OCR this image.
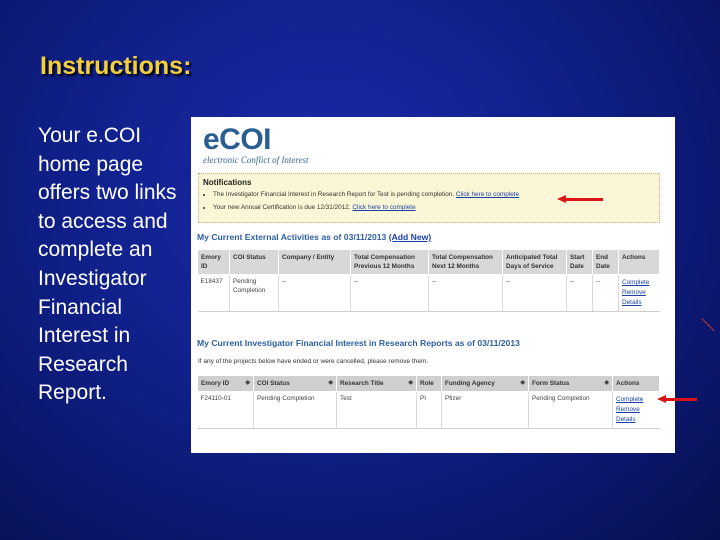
Instructions:
Your e.COI home page offers two links to access and complete an Investigator Financial Interest in Research Report.
eCOI
electronic Conflict of Interest
Notifications
• The Investigator Financial Interest in Research Report for Test is pending completion. Click here to complete
• Your new Annual Certification is due 12/31/2012. Click here to complete
My Current External Activities as of 03/11/2013 (Add New)
Emory ID	COI Status	Company / Entity	Total Compensation Previous 12 Months	Total Compensation Next 12 Months	Anticipated Total Days of Service	Start Date	End Date	Actions
E18437	Pending Completion	--	--	--	--	--	--	Complete
Remove
Details
My Current Investigator Financial Interest in Research Reports as of 03/11/2013
If any of the projects below have ended or were cancelled, please remove them.
Emory ID ◆	COI Status ◆	Research Title ◆	Role	Funding Agency ◆	Form Status ◆	Actions
F24110-01	Pending Completion	Test	PI	Pfizer	Pending Completion	Complete
Remove
Details
